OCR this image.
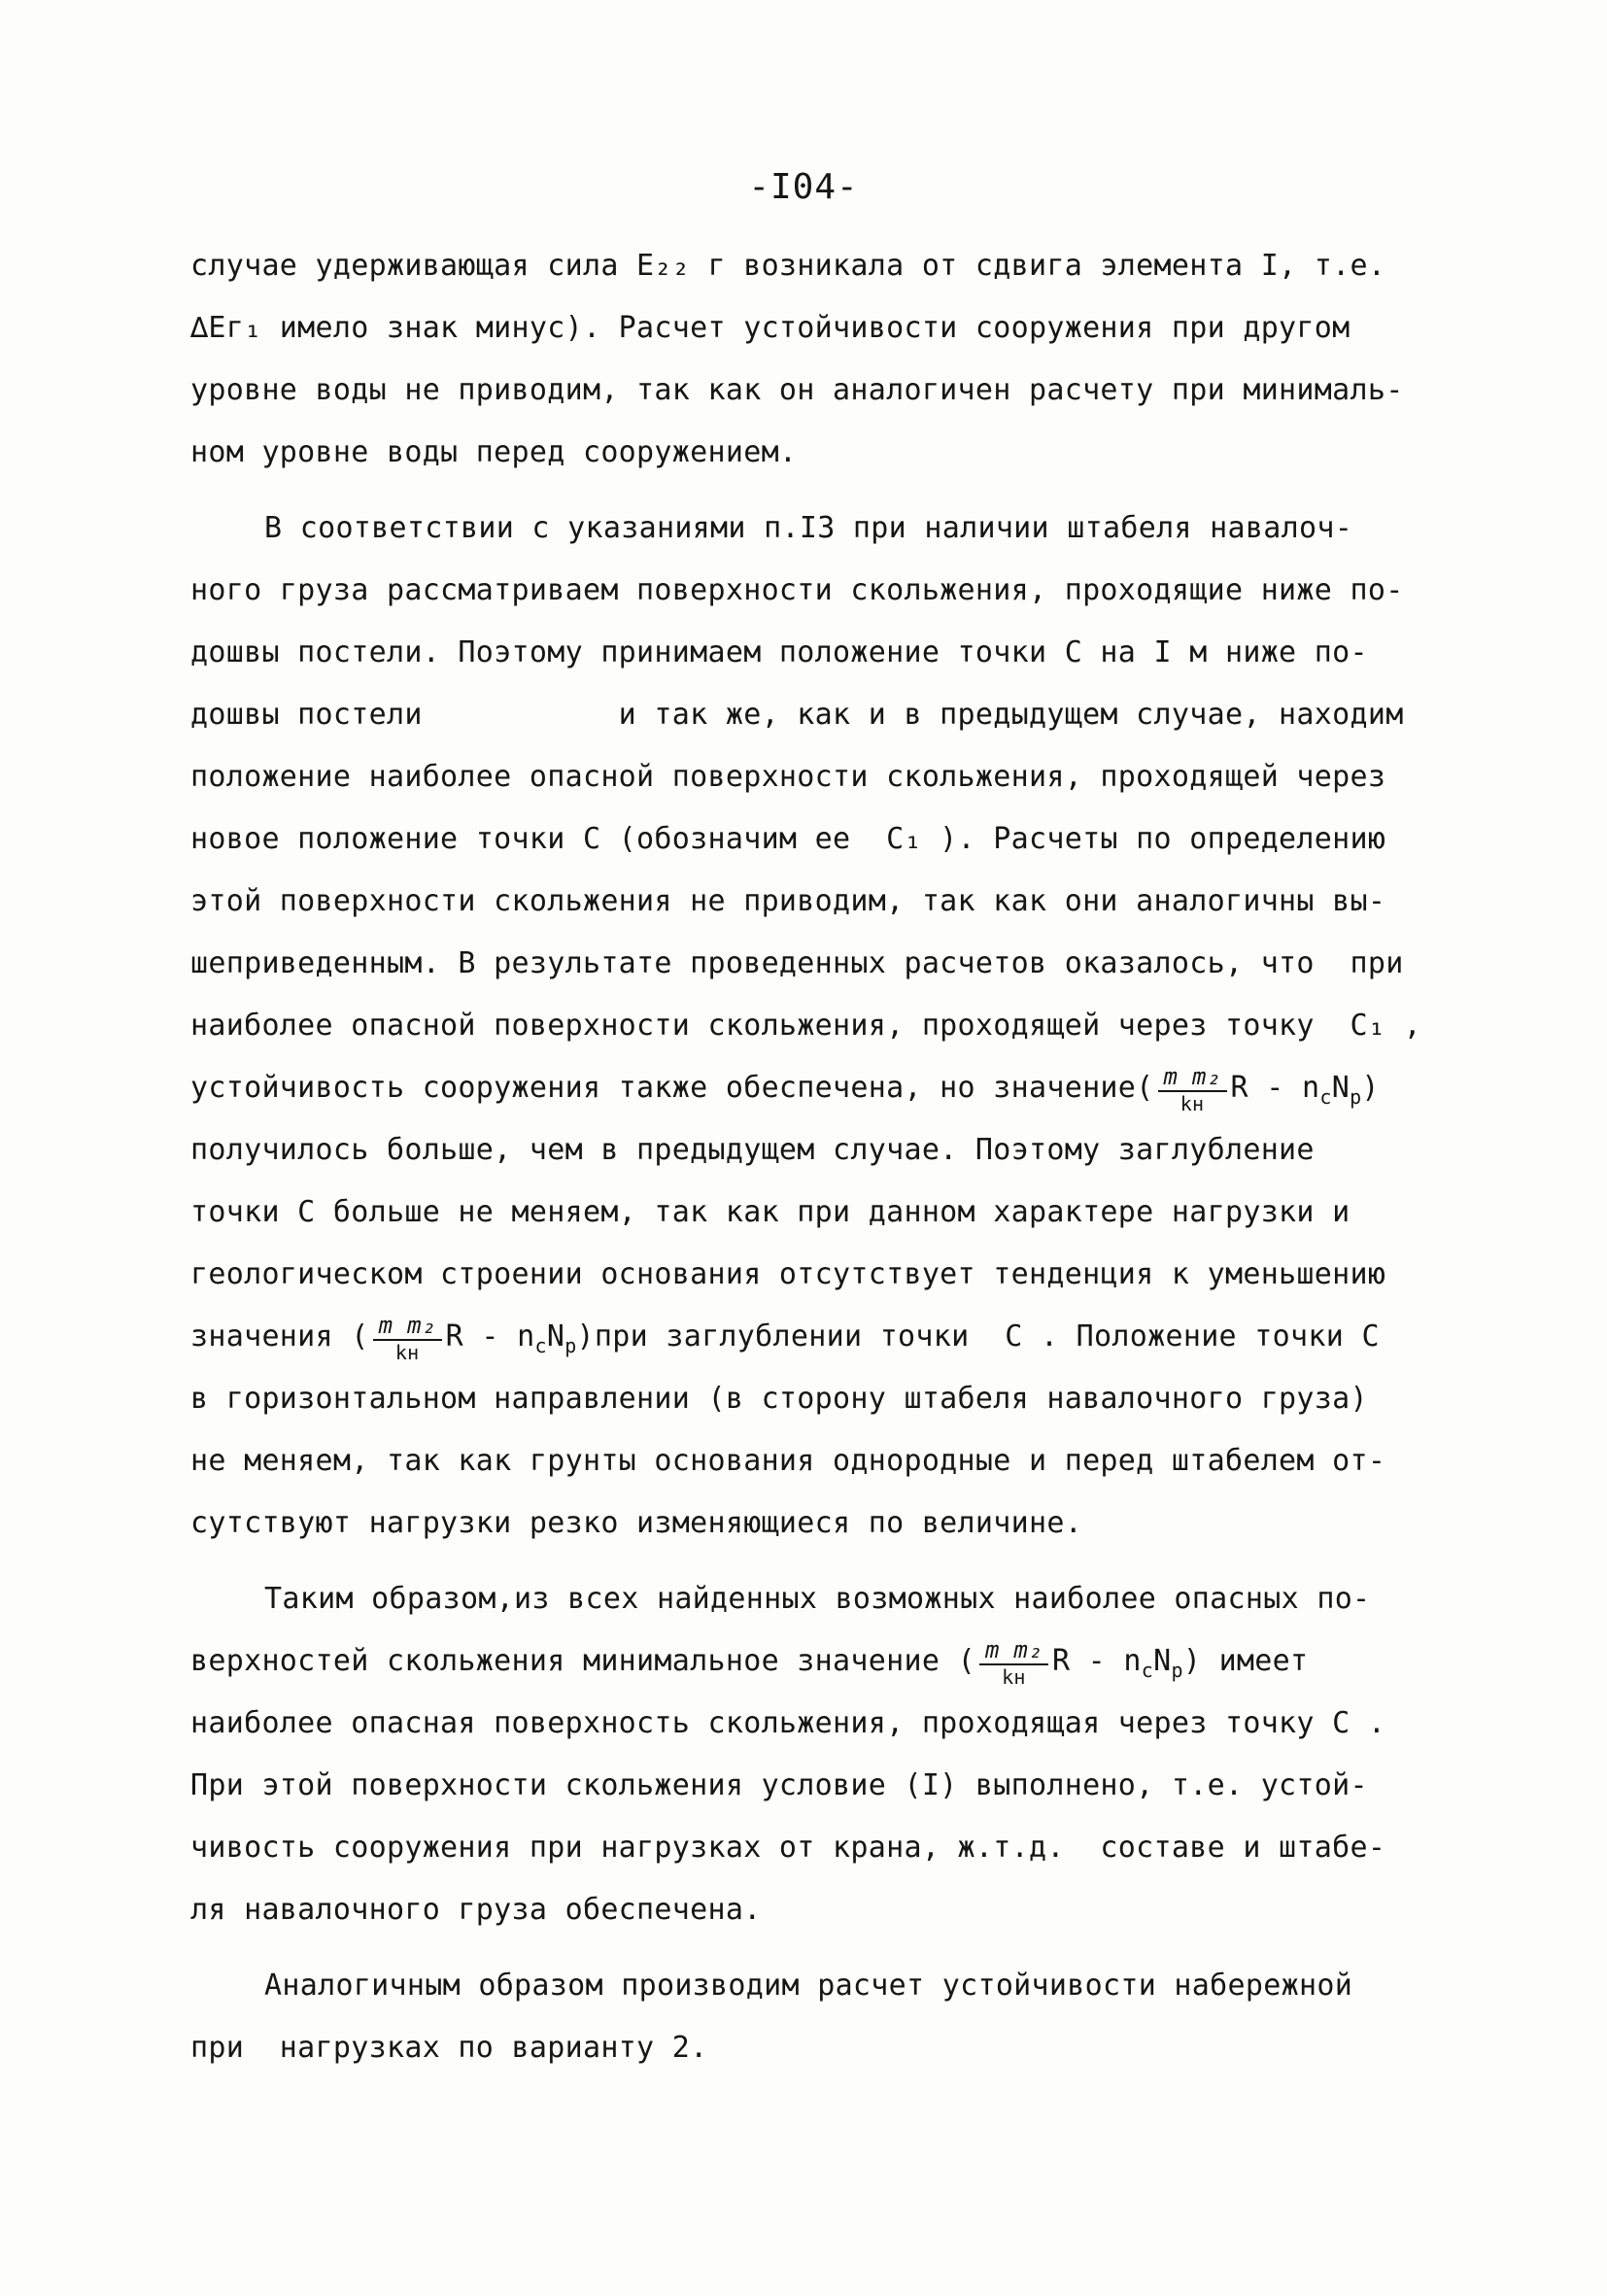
-I04-
случае удерживающая сила E₂₂ г возникала от сдвига элемента I, т.е.
∆Eг₁ имело знак минус). Расчет устойчивости сооружения при другом
уровне воды не приводим, так как он аналогичен расчету при минималь-
ном уровне воды перед сооружением.
В соответствии с указаниями п.I3 при наличии штабеля навалоч-
ного груза рассматриваем поверхности скольжения, проходящие ниже по-
дошвы постели. Поэтому принимаем положение точки C на I м ниже по-
дошвы постели           и так же, как и в предыдущем случае, находим
положение наиболее опасной поверхности скольжения, проходящей через
новое положение точки C (обозначим ее  C₁ ). Расчеты по определению
этой поверхности скольжения не приводим, так как они аналогичны вы-
шеприведенным. В результате проведенных расчетов оказалось, что  при
наиболее опасной поверхности скольжения, проходящей через точку  C₁ ,
устойчивость сооружения также обеспечена, но значение( $\frac{\text{m m₂}}{kн}$ R - $n_cN_p$)
получилось больше, чем в предыдущем случае. Поэтому заглубление
точки C больше не меняем, так как при данном характере нагрузки и
геологическом строении основания отсутствует тенденция к уменьшению
значения ( $\frac{\text{m m₂}}{kн}$ R - $n_cN_p)при$ заглублении точки  C . Положение точки C
в горизонтальном направлении (в сторону штабеля навалочного груза)
не меняем, так как грунты основания однородные и перед штабелем от-
сутствуют нагрузки резко изменяющиеся по величине.
Таким образом,из всех найденных возможных наиболее опасных по-
верхностей скольжения минимальное значение ( $\frac{\text{m m₂}}{kн}$ R - $n_cN_p$) имеет
наиболее опасная поверхность скольжения, проходящая через точку C .
При этой поверхности скольжения условие (I) выполнено, т.е. устой-
чивость сооружения при нагрузках от крана, ж.т.д.  составе и штабе-
ля навалочного груза обеспечена.
Аналогичным образом производим расчет устойчивости набережной
при  нагрузках по варианту 2.
